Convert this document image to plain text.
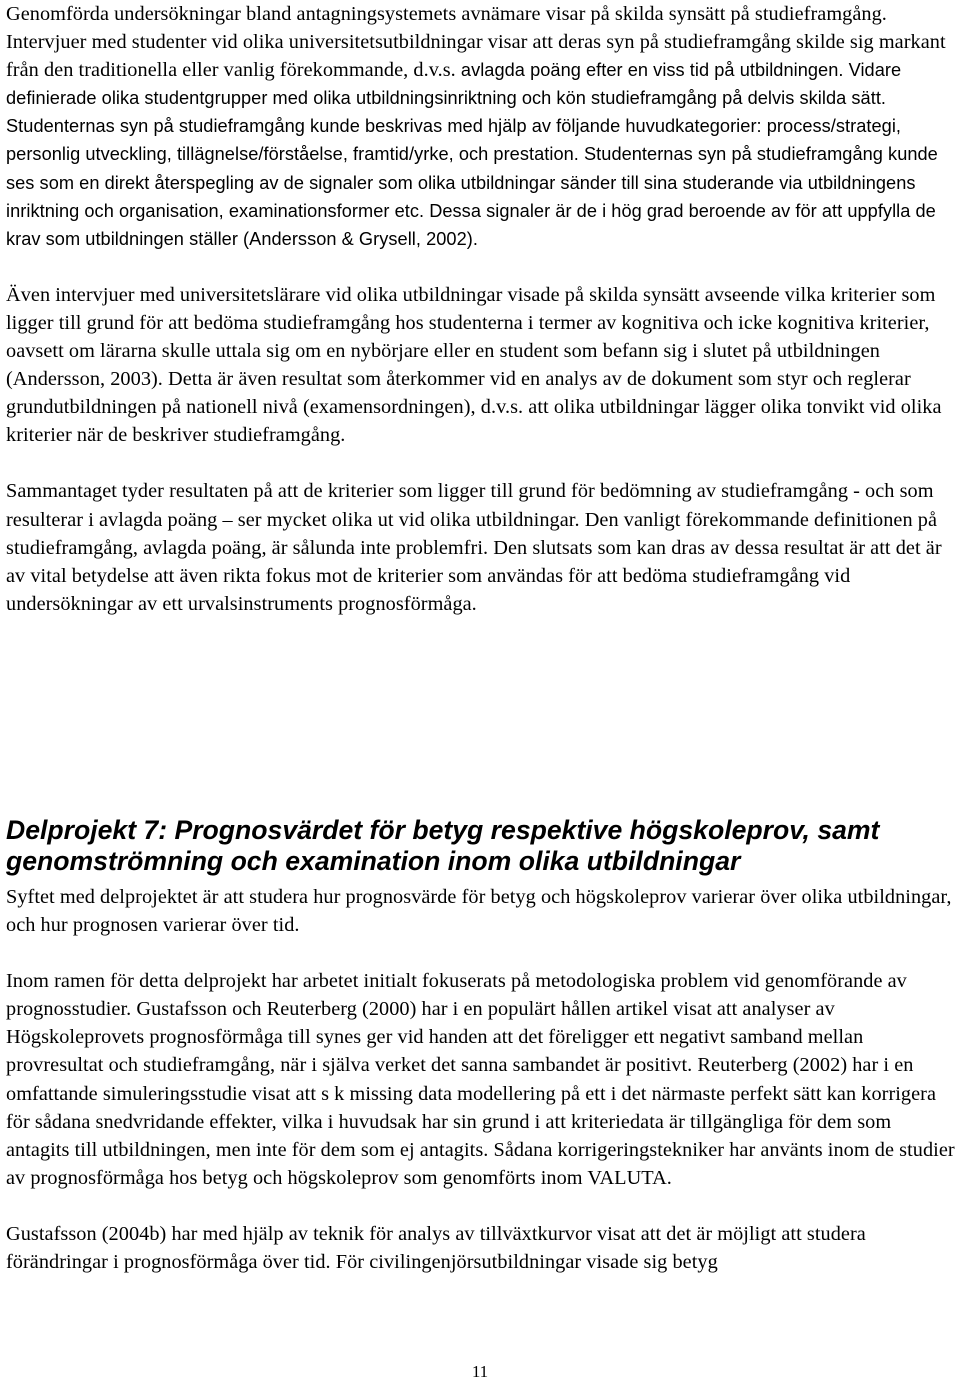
Genomförda undersökningar bland antagningsystemets avnämare visar på skilda synsätt på studieframgång. Intervjuer med studenter vid olika universitetsutbildningar visar att deras syn på studieframgång skilde sig markant från den traditionella eller vanlig förekommande, d.v.s. avlagda poäng efter en viss tid på utbildningen. Vidare definierade olika studentgrupper med olika utbildningsinriktning och kön studieframgång på delvis skilda sätt. Studenternas syn på studieframgång kunde beskrivas med hjälp av följande huvudkategorier: process/strategi, personlig utveckling, tillägnelse/förståelse, framtid/yrke, och prestation. Studenternas syn på studieframgång kunde ses som en direkt återspegling av de signaler som olika utbildningar sänder till sina studerande via utbildningens inriktning och organisation, examinationsformer etc. Dessa signaler är de i hög grad beroende av för att uppfylla de krav som utbildningen ställer (Andersson & Grysell, 2002).

Även intervjuer med universitetslärare vid olika utbildningar visade på skilda synsätt avseende vilka kriterier som ligger till grund för att bedöma studieframgång hos studenterna i termer av kognitiva och icke kognitiva kriterier, oavsett om lärarna skulle uttala sig om en nybörjare eller en student som befann sig i slutet på utbildningen (Andersson, 2003). Detta är även resultat som återkommer vid en analys av de dokument som styr och reglerar grundutbildningen på nationell nivå (examensordningen), d.v.s. att olika utbildningar lägger olika tonvikt vid olika kriterier när de beskriver studieframgång.

Sammantaget tyder resultaten på att de kriterier som ligger till grund för bedömning av studieframgång - och som resulterar i avlagda poäng – ser mycket olika ut vid olika utbildningar. Den vanligt förekommande definitionen på studieframgång, avlagda poäng, är sålunda inte problemfri. Den slutsats som kan dras av dessa resultat är att det är av vital betydelse att även rikta fokus mot de kriterier som användas för att bedöma studieframgång vid undersökningar av ett urvalsinstruments prognosförmåga.

Delprojekt 7: Prognosvärdet för betyg respektive högskoleprov, samt genomströmning och examination inom olika utbildningar

Syftet med delprojektet är att studera hur prognosvärde för betyg och högskoleprov varierar över olika utbildningar, och hur prognosen varierar över tid.

Inom ramen för detta delprojekt har arbetet initialt fokuserats på metodologiska problem vid genomförande av prognosstudier. Gustafsson och Reuterberg (2000) har i en populärt hållen artikel visat att analyser av Högskoleprovets prognosförmåga till synes ger vid handen att det föreligger ett negativt samband mellan provresultat och studieframgång, när i själva verket det sanna sambandet är positivt. Reuterberg (2002) har i en omfattande simuleringsstudie visat att s k missing data modellering på ett i det närmaste perfekt sätt kan korrigera för sådana snedvridande effekter, vilka i huvudsak har sin grund i att kriteriedata är tillgängliga för dem som antagits till utbildningen, men inte för dem som ej antagits. Sådana korrigeringstekniker har använts inom de studier av prognosförmåga hos betyg och högskoleprov som genomförts inom VALUTA.

Gustafsson (2004b) har med hjälp av teknik för analys av tillväxtkurvor visat att det är möjligt att studera förändringar i prognosförmåga över tid. För civilingenjörsutbildningar visade sig betyg

11
